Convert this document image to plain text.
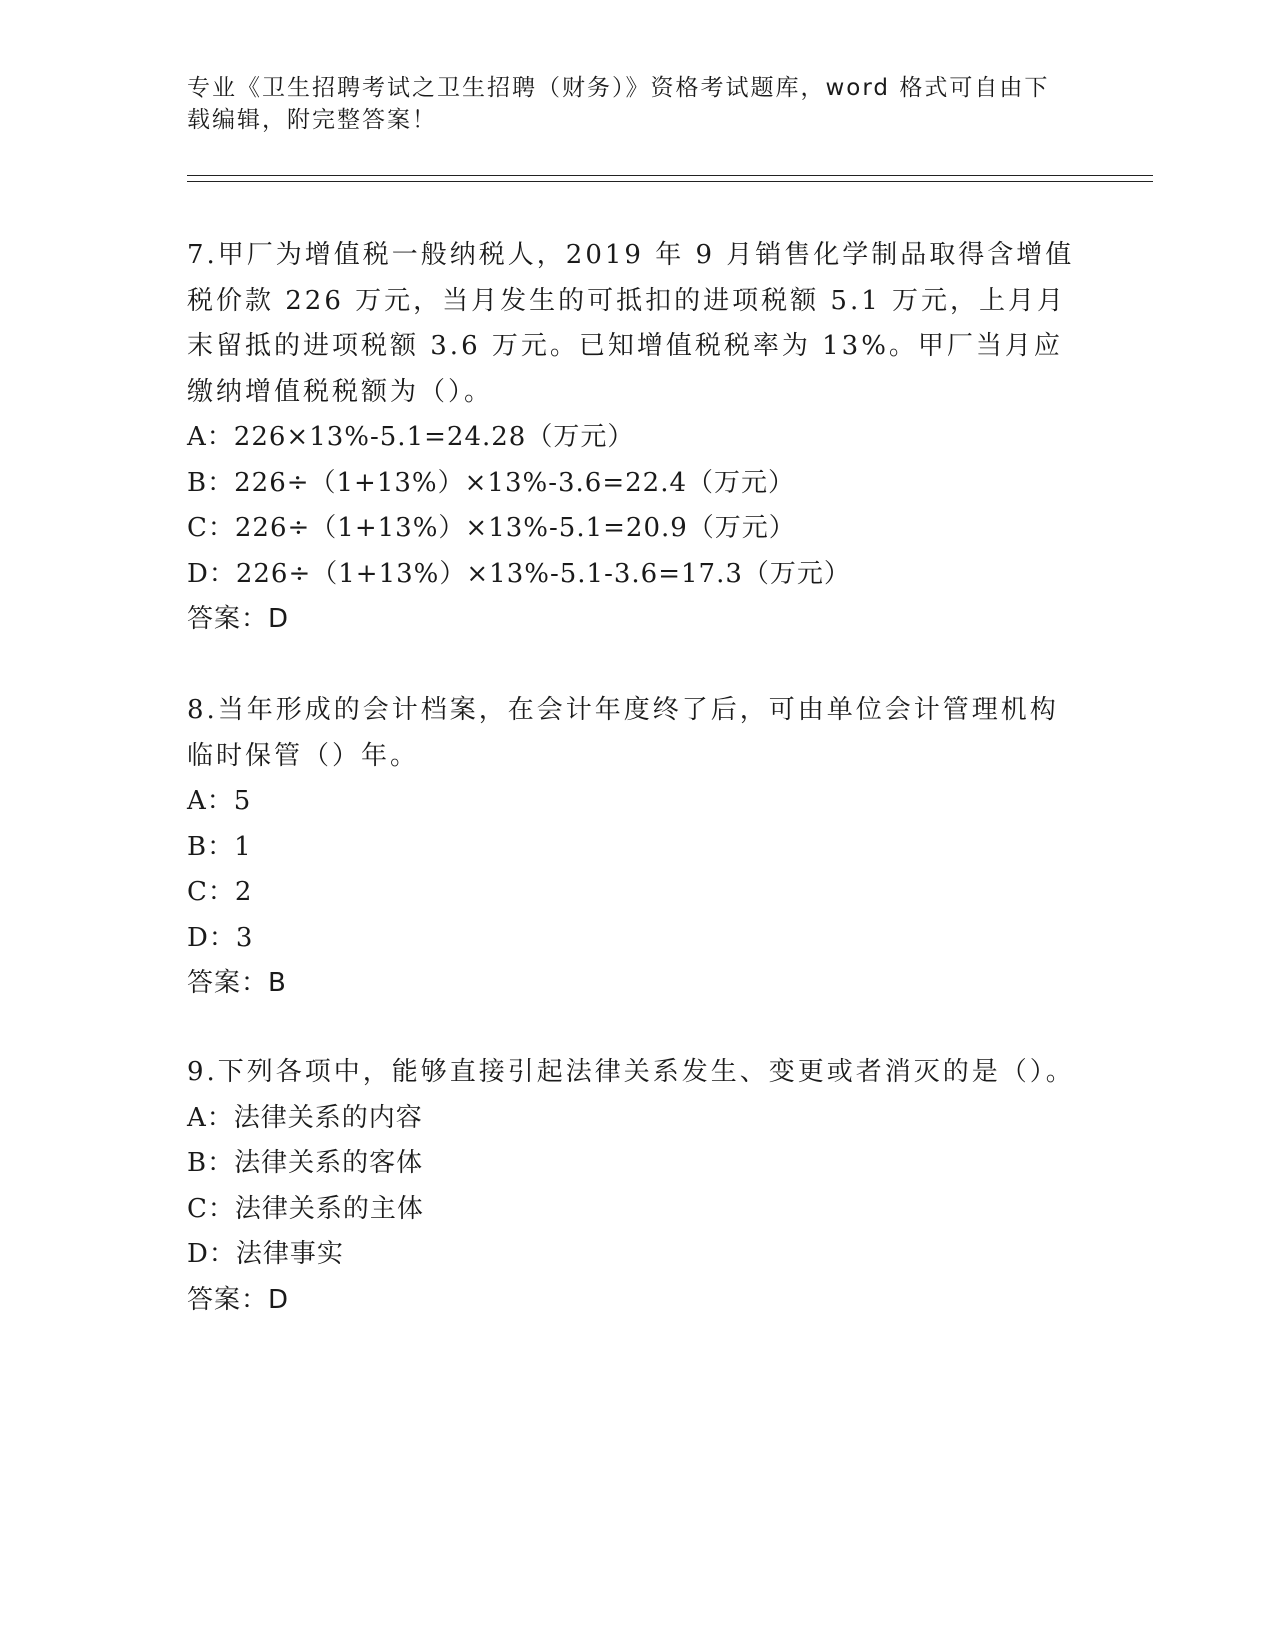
专业《卫生招聘考试之卫生招聘（财务）》资格考试题库，word 格式可自由下载编辑，附完整答案！

7.甲厂为增值税一般纳税人，2019 年 9 月销售化学制品取得含增值税价款 226 万元，当月发生的可抵扣的进项税额 5.1 万元，上月月末留抵的进项税额 3.6 万元。已知增值税税率为 13%。甲厂当月应缴纳增值税税额为（）。

A：226×13%-5.1=24.28（万元）

B：226÷（1+13%）×13%-3.6=22.4（万元）

C：226÷（1+13%）×13%-5.1=20.9（万元）

D：226÷（1+13%）×13%-5.1-3.6=17.3（万元）

答案：D

8.当年形成的会计档案，在会计年度终了后，可由单位会计管理机构临时保管（）年。

A：5

B：1

C：2

D：3

答案：B

9.下列各项中，能够直接引起法律关系发生、变更或者消灭的是（）。

A：法律关系的内容

B：法律关系的客体

C：法律关系的主体

D：法律事实

答案：D
